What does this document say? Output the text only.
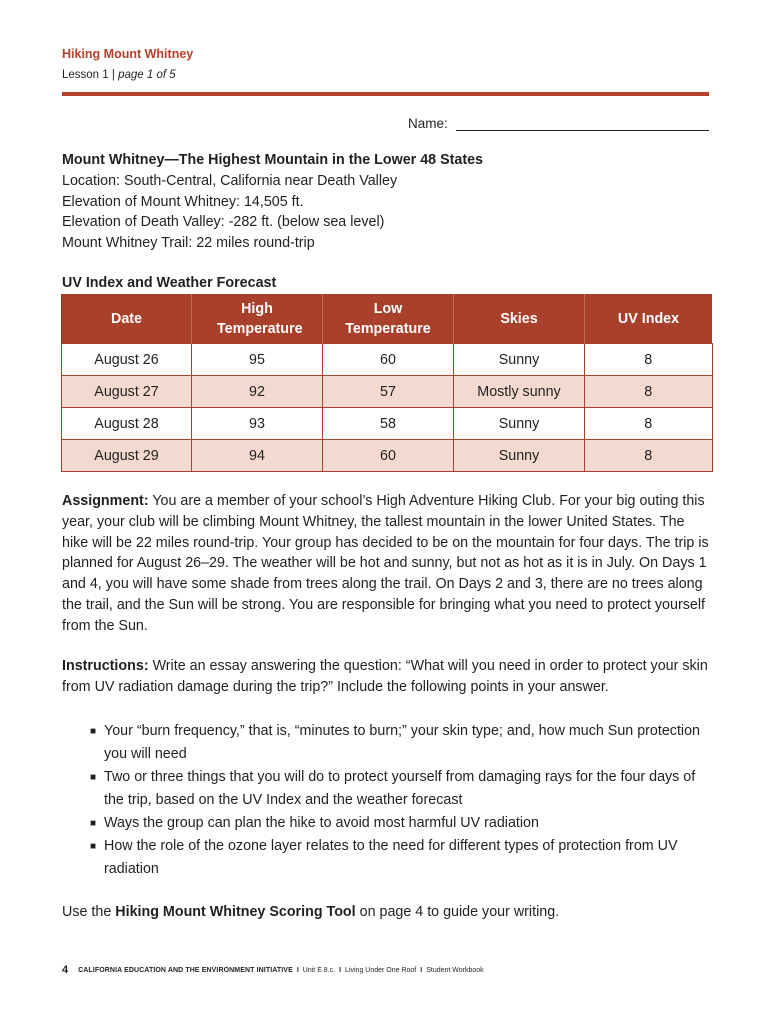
Hiking Mount Whitney
Lesson 1 | page 1 of 5
Name:
Mount Whitney—The Highest Mountain in the Lower 48 States
Location: South-Central, California near Death Valley
Elevation of Mount Whitney: 14,505 ft.
Elevation of Death Valley: -282 ft. (below sea level)
Mount Whitney Trail: 22 miles round-trip
UV Index and Weather Forecast
Date	High Temperature	Low Temperature	Skies	UV Index
August 26	95	60	Sunny	8
August 27	92	57	Mostly sunny	8
August 28	93	58	Sunny	8
August 29	94	60	Sunny	8
Assignment: You are a member of your school’s High Adventure Hiking Club. For your big outing this year, your club will be climbing Mount Whitney, the tallest mountain in the lower United States. The hike will be 22 miles round-trip. Your group has decided to be on the mountain for four days. The trip is planned for August 26–29. The weather will be hot and sunny, but not as hot as it is in July. On Days 1 and 4, you will have some shade from trees along the trail. On Days 2 and 3, there are no trees along the trail, and the Sun will be strong. You are responsible for bringing what you need to protect yourself from the Sun.
Instructions: Write an essay answering the question: “What will you need in order to protect your skin from UV radiation damage during the trip?” Include the following points in your answer.
■ Your “burn frequency,” that is, “minutes to burn;” your skin type; and, how much Sun protection you will need
■ Two or three things that you will do to protect yourself from damaging rays for the four days of the trip, based on the UV Index and the weather forecast
■ Ways the group can plan the hike to avoid most harmful UV radiation
■ How the role of the ozone layer relates to the need for different types of protection from UV radiation
Use the Hiking Mount Whitney Scoring Tool on page 4 to guide your writing.
4 CALIFORNIA EDUCATION AND THE ENVIRONMENT INITIATIVE I Unit E.8.c. I Living Under One Roof I Student Workbook
